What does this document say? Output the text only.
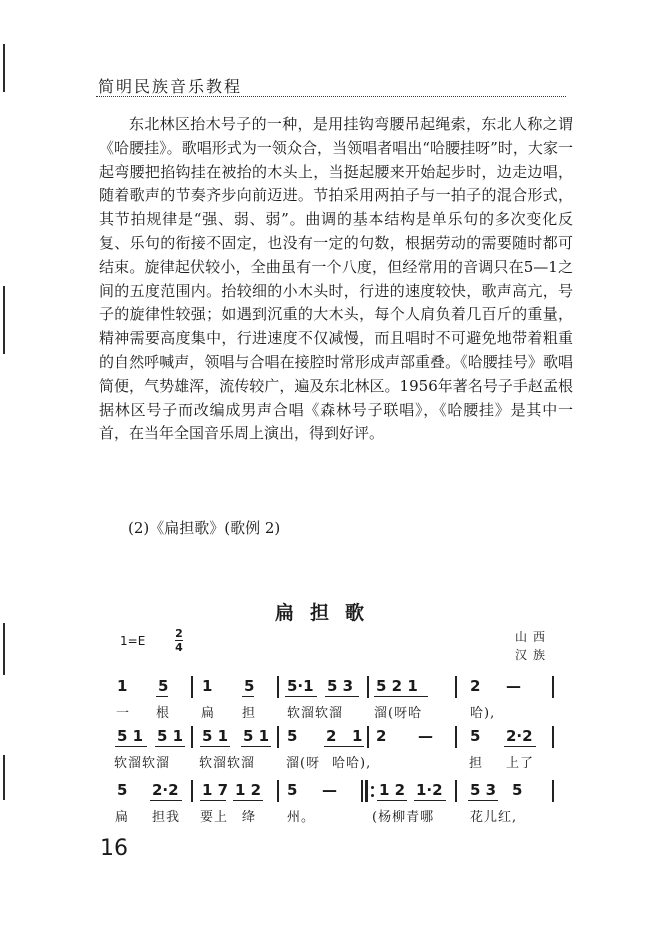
简明民族音乐教程

东北林区抬木号子的一种，是用挂钩弯腰吊起绳索，东北人称之谓《哈腰挂》。歌唱形式为一领众合，当领唱者唱出“哈腰挂呀”时，大家一起弯腰把掐钩挂在被抬的木头上，当挺起腰来开始起步时，边走边唱，随着歌声的节奏齐步向前迈进。节拍采用两拍子与一拍子的混合形式，其节拍规律是“强、弱、弱”。曲调的基本结构是单乐句的多次变化反复、乐句的衔接不固定，也没有一定的句数，根据劳动的需要随时都可结束。旋律起伏较小，全曲虽有一个八度，但经常用的音调只在5—1之间的五度范围内。抬较细的小木头时，行进的速度较快，歌声高亢，号子的旋律性较强；如遇到沉重的大木头，每个人肩负着几百斤的重量，精神需要高度集中，行进速度不仅减慢，而且唱时不可避免地带着粗重的自然呼喊声，领唱与合唱在接腔时常形成声部重叠。《哈腰挂号》歌唱简便，气势雄浑，流传较广，遍及东北林区。1956年著名号子手赵孟根据林区号子而改编成男声合唱《森林号子联唱》，《哈腰挂》是其中一首，在当年全国音乐周上演出，得到好评。

(2)《扁担歌》(歌例 2)
扁担歌
1=E
2
4
山西
汉族
1 5 1 5 5·1 5 3 5 2 1	2 —
一 根 扁 担 软溜软溜 溜(呀哈	哈),
5 1 5 1 5 1 5 1 5 2 1 2 — 5 2·2
软溜软溜 软溜软溜 溜(呀 哈哈),	担 上了
5 2·2 1 7 1 2 5 —	1 2 1·2 5 3 5
扁 担我 要上 绛 州。	(杨柳青哪	花儿红,
16
